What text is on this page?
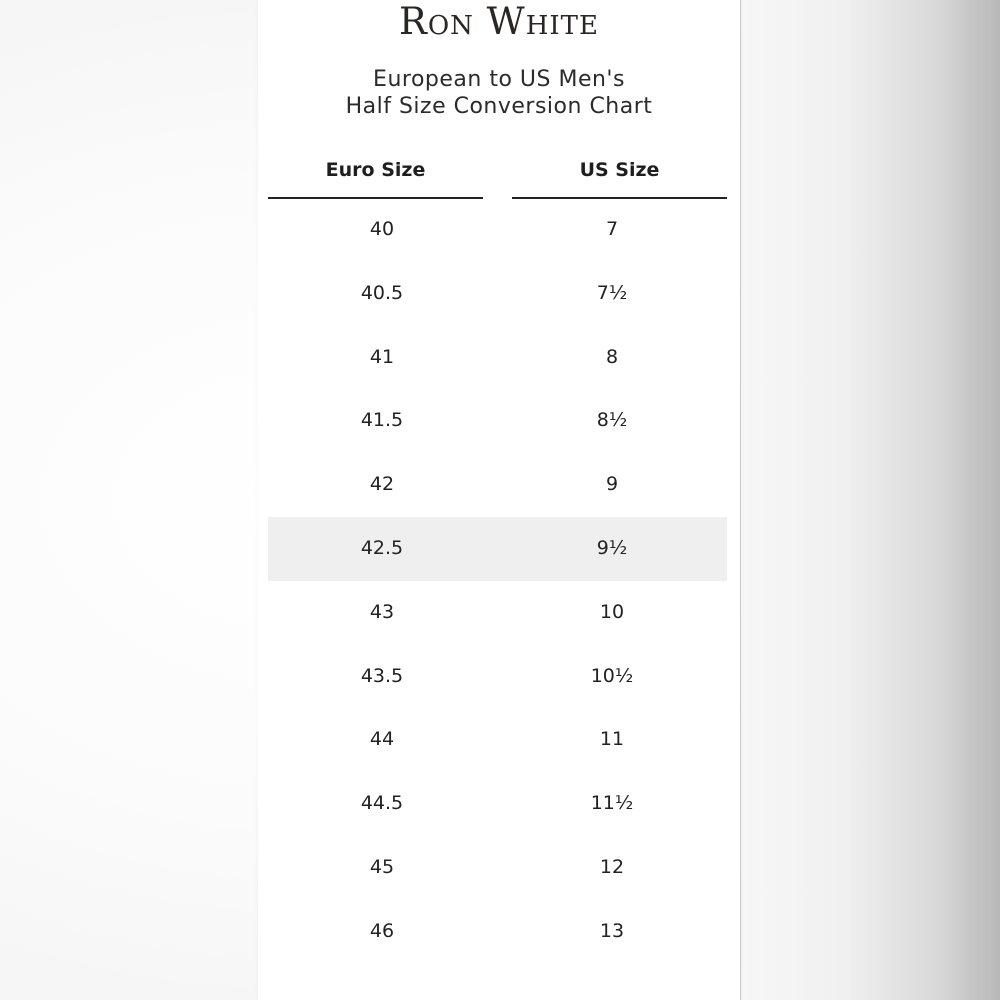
Ron White
European to US Men's
Half Size Conversion Chart
Euro Size	US Size
40	7
40.5	7½
41	8
41.5	8½
42	9
42.5	9½
43	10
43.5	10½
44	11
44.5	11½
45	12
46	13
